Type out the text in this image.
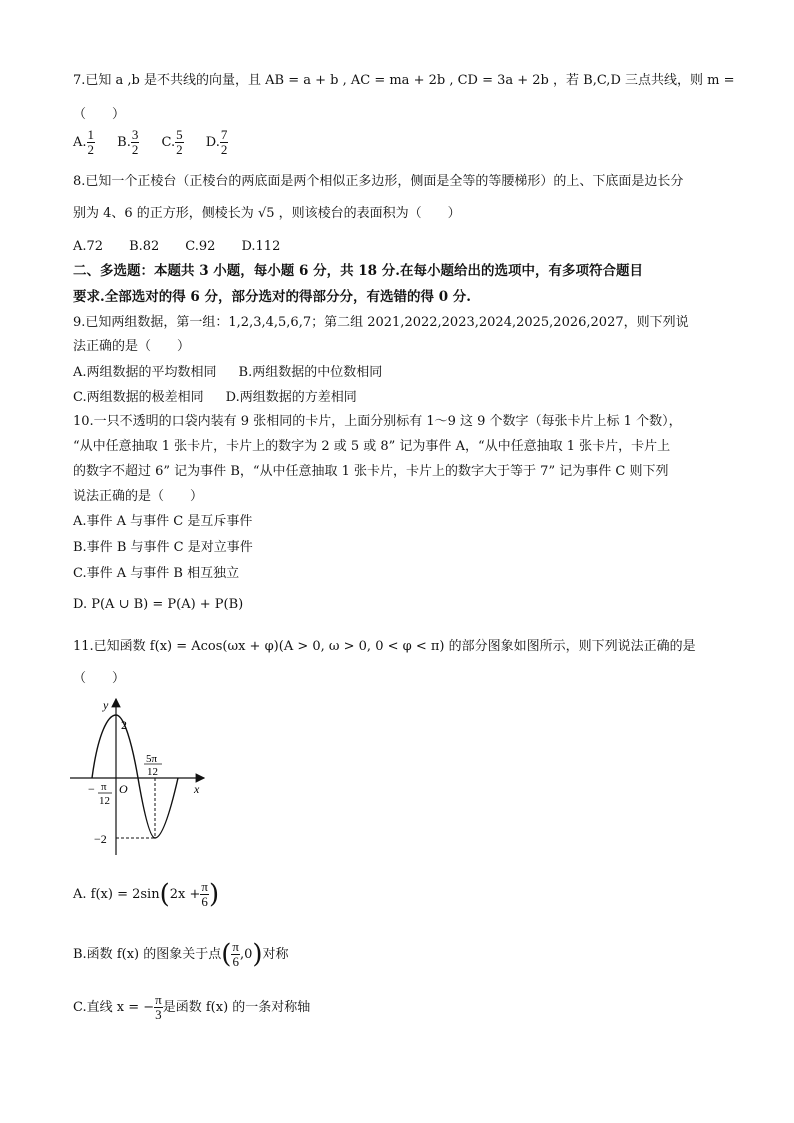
7.已知 a ,b 是不共线的向量，且 AB = a + b , AC = ma + 2b , CD = 3a + 2b ，若 B,C,D 三点共线，则 m =
（　　）
A. $\frac{1}{2} B$. $\frac{3}{2} C$. $\frac{5}{2} D$. $\frac{7}{2}$
8.已知一个正棱台（正棱台的两底面是两个相似正多边形，侧面是全等的等腰梯形）的上、下底面是边长分
别为 4、6 的正方形，侧棱长为 √5 ，则该棱台的表面积为（　　）
A.72　　B.82　　C.92　　D.112
二、多选题：本题共 3 小题，每小题 6 分，共 18 分.在每小题给出的选项中，有多项符合题目
要求.全部选对的得 6 分，部分选对的得部分分，有选错的得 0 分.
9.已知两组数据，第一组：1,2,3,4,5,6,7；第二组 2021,2022,2023,2024,2025,2026,2027，则下列说
法正确的是（　　）
A.两组数据的平均数相同 B.两组数据的中位数相同
C.两组数据的极差相同 D.两组数据的方差相同
10.一只不透明的口袋内装有 9 张相同的卡片，上面分别标有 1～9 这 9 个数字（每张卡片上标 1 个数），
“从中任意抽取 1 张卡片，卡片上的数字为 2 或 5 或 8” 记为事件 A，“从中任意抽取 1 张卡片，卡片上
的数字不超过 6” 记为事件 B，“从中任意抽取 1 张卡片，卡片上的数字大于等于 7” 记为事件 C 则下列
说法正确的是（　　）
A.事件 A 与事件 C 是互斥事件
B.事件 B 与事件 C 是对立事件
C.事件 A 与事件 B 相互独立
D. P(A ∪ B) = P(A) + P(B)
11.已知函数 f(x) = Acos(ωx + φ)(A > 0, ω > 0, 0 < φ < π) 的部分图象如图所示，则下列说法正确的是
（　　）
y
x
O
2
−2
− π
12
5π
12
A. $f(x) = 2\sin(2x + \frac{\pi}{6}$ )
B.函数 f(x) 的图象关于点( $\frac{\pi}{6} ,0$)对称
C.直线 x = − $\frac{\pi}{3}$ 是函数 f(x) 的一条对称轴
